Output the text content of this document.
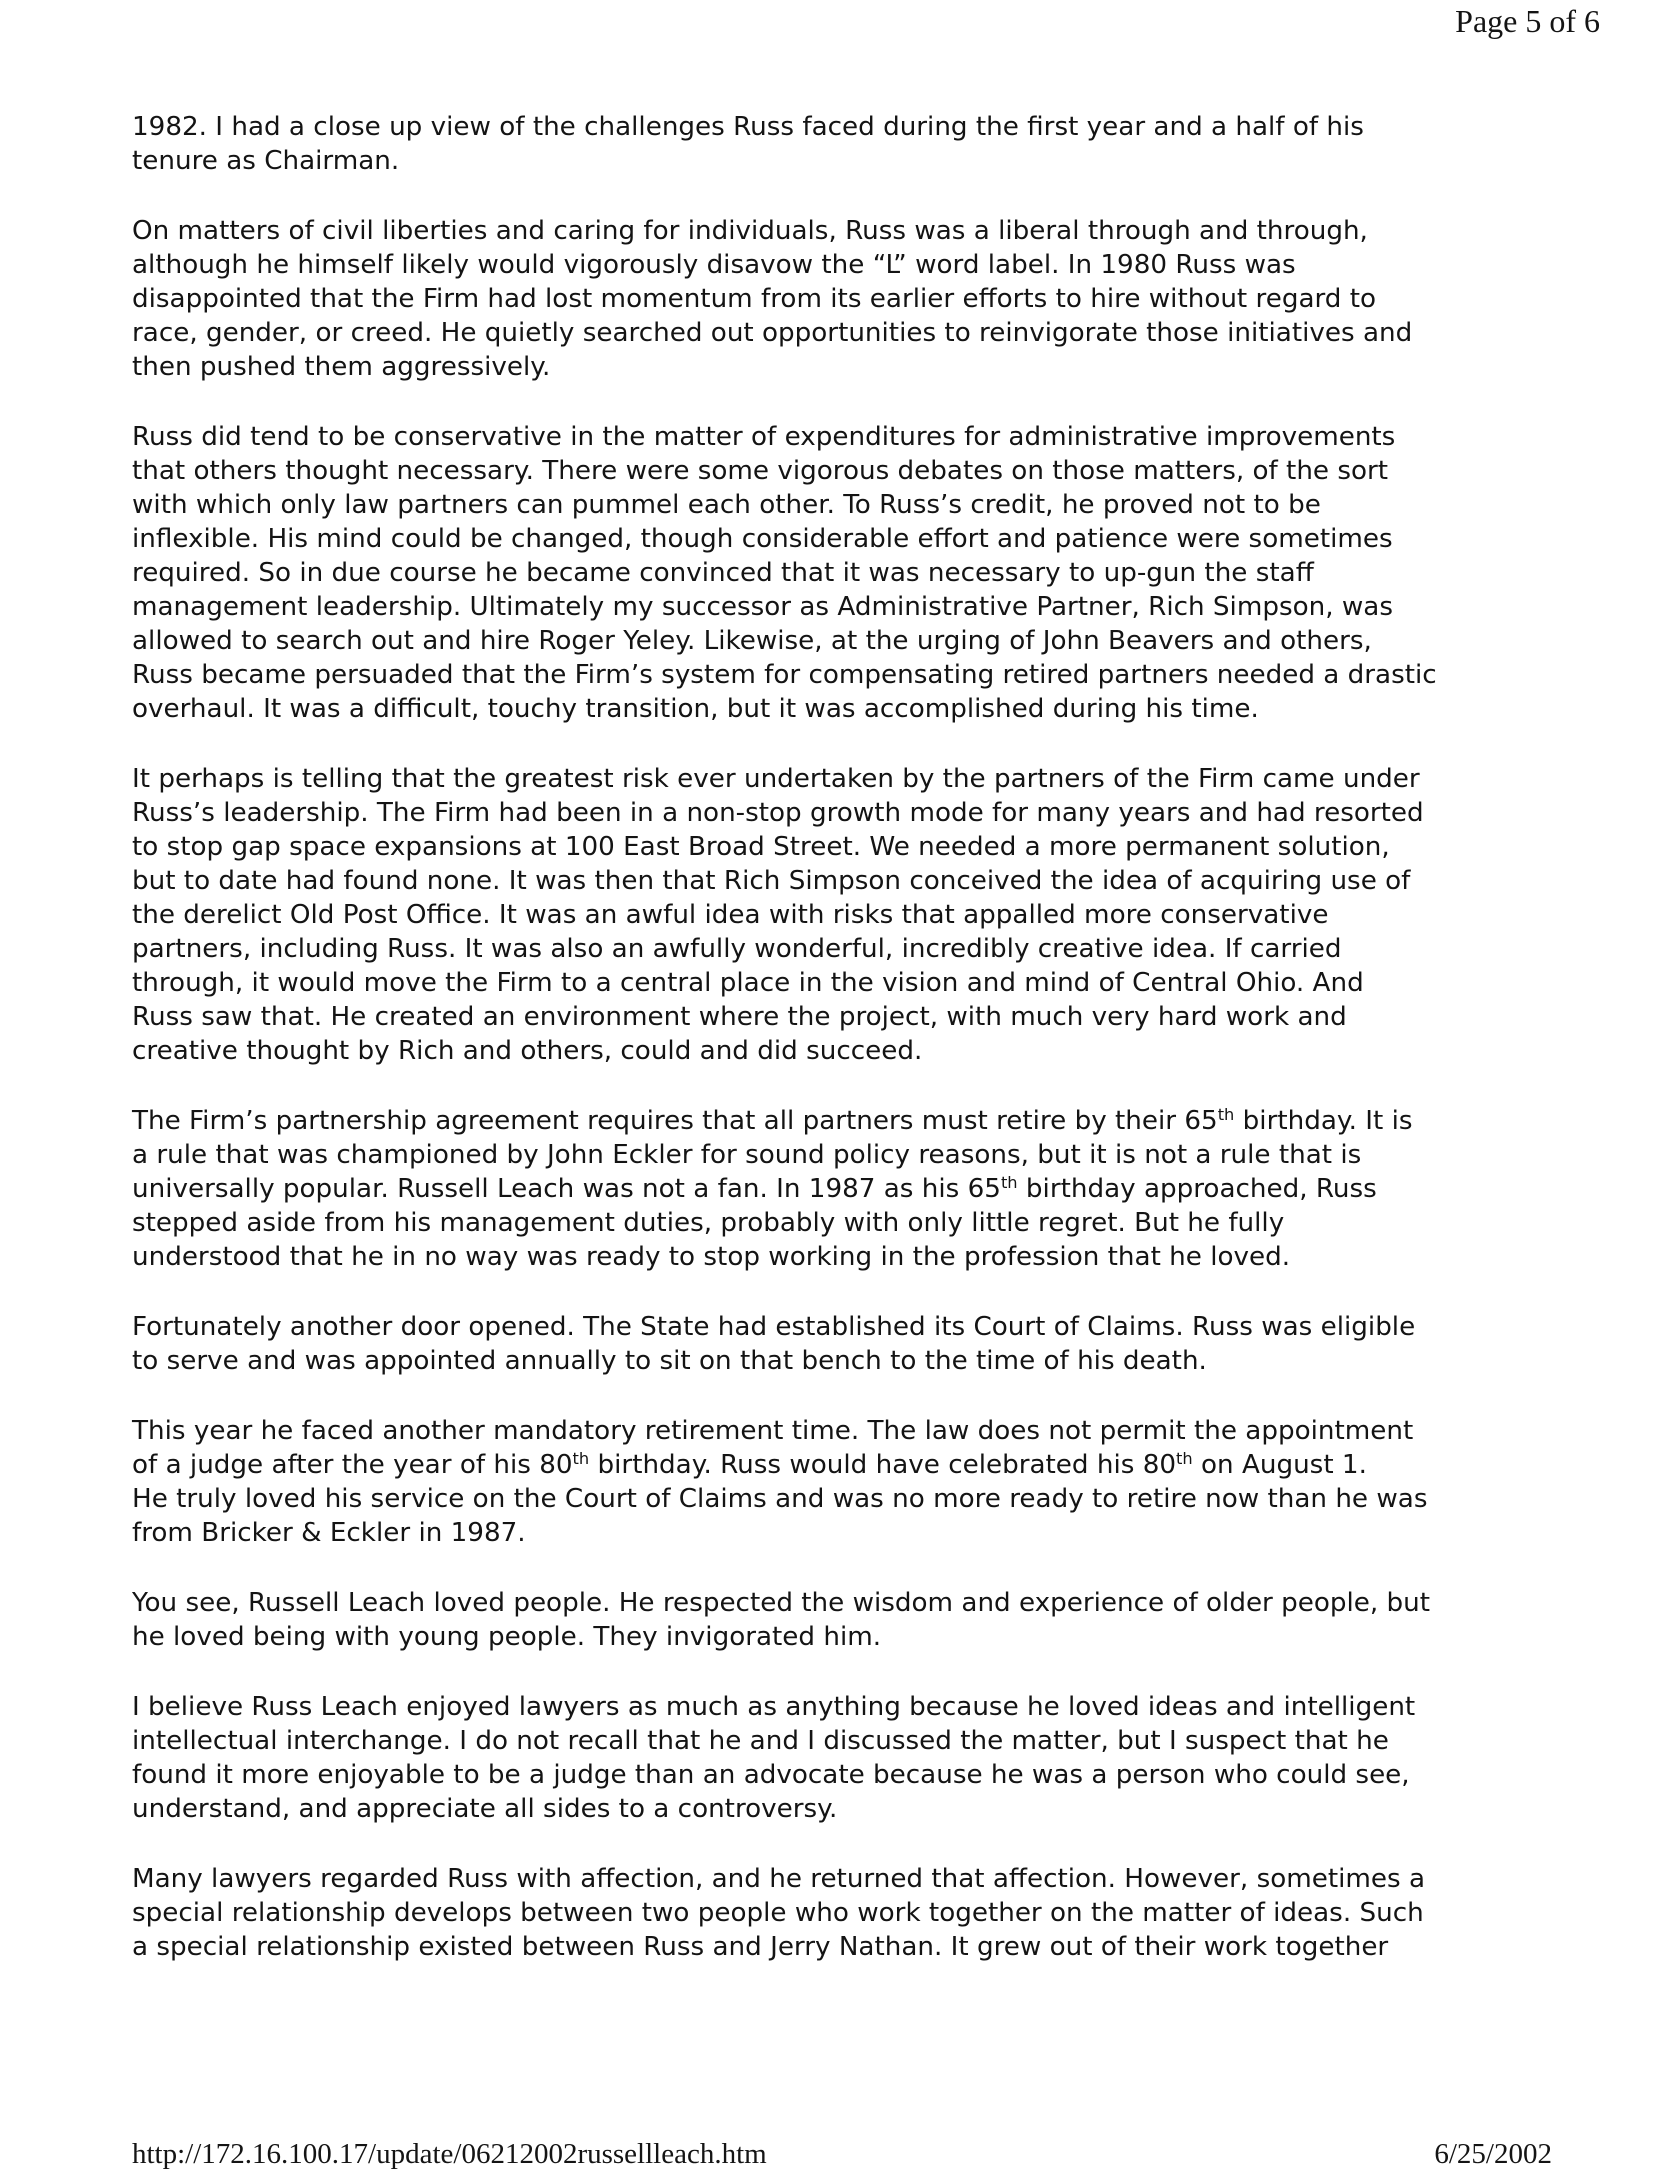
Page 5 of 6

1982. I had a close up view of the challenges Russ faced during the first year and a half of his
tenure as Chairman.

On matters of civil liberties and caring for individuals, Russ was a liberal through and through,
although he himself likely would vigorously disavow the “L” word label. In 1980 Russ was
disappointed that the Firm had lost momentum from its earlier efforts to hire without regard to
race, gender, or creed. He quietly searched out opportunities to reinvigorate those initiatives and
then pushed them aggressively.

Russ did tend to be conservative in the matter of expenditures for administrative improvements
that others thought necessary. There were some vigorous debates on those matters, of the sort
with which only law partners can pummel each other. To Russ’s credit, he proved not to be
inflexible. His mind could be changed, though considerable effort and patience were sometimes
required. So in due course he became convinced that it was necessary to up-gun the staff
management leadership. Ultimately my successor as Administrative Partner, Rich Simpson, was
allowed to search out and hire Roger Yeley. Likewise, at the urging of John Beavers and others,
Russ became persuaded that the Firm’s system for compensating retired partners needed a drastic
overhaul. It was a difficult, touchy transition, but it was accomplished during his time.

It perhaps is telling that the greatest risk ever undertaken by the partners of the Firm came under
Russ’s leadership. The Firm had been in a non-stop growth mode for many years and had resorted
to stop gap space expansions at 100 East Broad Street. We needed a more permanent solution,
but to date had found none. It was then that Rich Simpson conceived the idea of acquiring use of
the derelict Old Post Office. It was an awful idea with risks that appalled more conservative
partners, including Russ. It was also an awfully wonderful, incredibly creative idea. If carried
through, it would move the Firm to a central place in the vision and mind of Central Ohio. And
Russ saw that. He created an environment where the project, with much very hard work and
creative thought by Rich and others, could and did succeed.

The Firm’s partnership agreement requires that all partners must retire by their 65th birthday. It is
a rule that was championed by John Eckler for sound policy reasons, but it is not a rule that is
universally popular. Russell Leach was not a fan. In 1987 as his 65th birthday approached, Russ
stepped aside from his management duties, probably with only little regret. But he fully
understood that he in no way was ready to stop working in the profession that he loved.

Fortunately another door opened. The State had established its Court of Claims. Russ was eligible
to serve and was appointed annually to sit on that bench to the time of his death.

This year he faced another mandatory retirement time. The law does not permit the appointment
of a judge after the year of his 80th birthday. Russ would have celebrated his 80th on August 1.
He truly loved his service on the Court of Claims and was no more ready to retire now than he was
from Bricker & Eckler in 1987.

You see, Russell Leach loved people. He respected the wisdom and experience of older people, but
he loved being with young people. They invigorated him.

I believe Russ Leach enjoyed lawyers as much as anything because he loved ideas and intelligent
intellectual interchange. I do not recall that he and I discussed the matter, but I suspect that he
found it more enjoyable to be a judge than an advocate because he was a person who could see,
understand, and appreciate all sides to a controversy.

Many lawyers regarded Russ with affection, and he returned that affection. However, sometimes a
special relationship develops between two people who work together on the matter of ideas. Such
a special relationship existed between Russ and Jerry Nathan. It grew out of their work together

http://172.16.100.17/update/06212002russellleach.htm	6/25/2002
